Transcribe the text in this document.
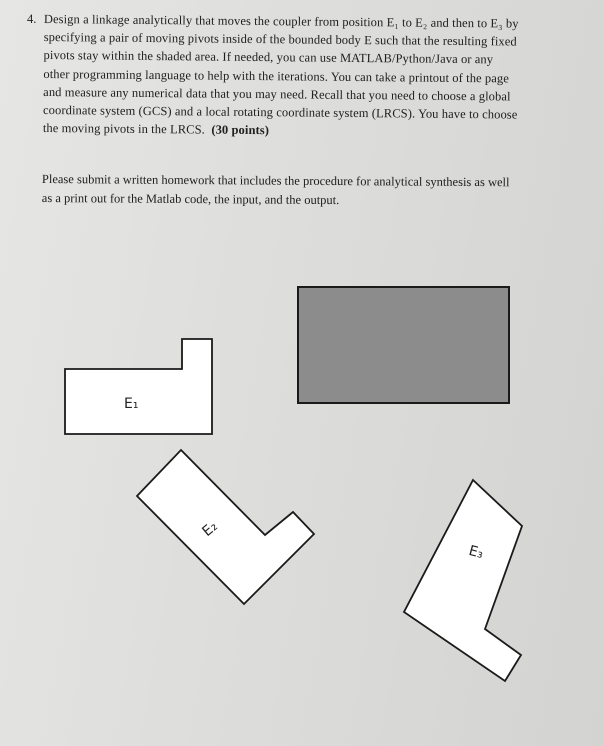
4. Design a linkage analytically that moves the coupler from position E₁ to E₂ and then to E₃ by
specifying a pair of moving pivots inside of the bounded body E such that the resulting fixed
pivots stay within the shaded area. If needed, you can use MATLAB/Python/Java or any
other programming language to help with the iterations. You can take a printout of the page
and measure any numerical data that you may need. Recall that you need to choose a global
coordinate system (GCS) and a local rotating coordinate system (LRCS). You have to choose
the moving pivots in the LRCS. (30 points)
Please submit a written homework that includes the procedure for analytical synthesis as well
as a print out for the Matlab code, the input, and the output.
E₁
E₂
E₃
